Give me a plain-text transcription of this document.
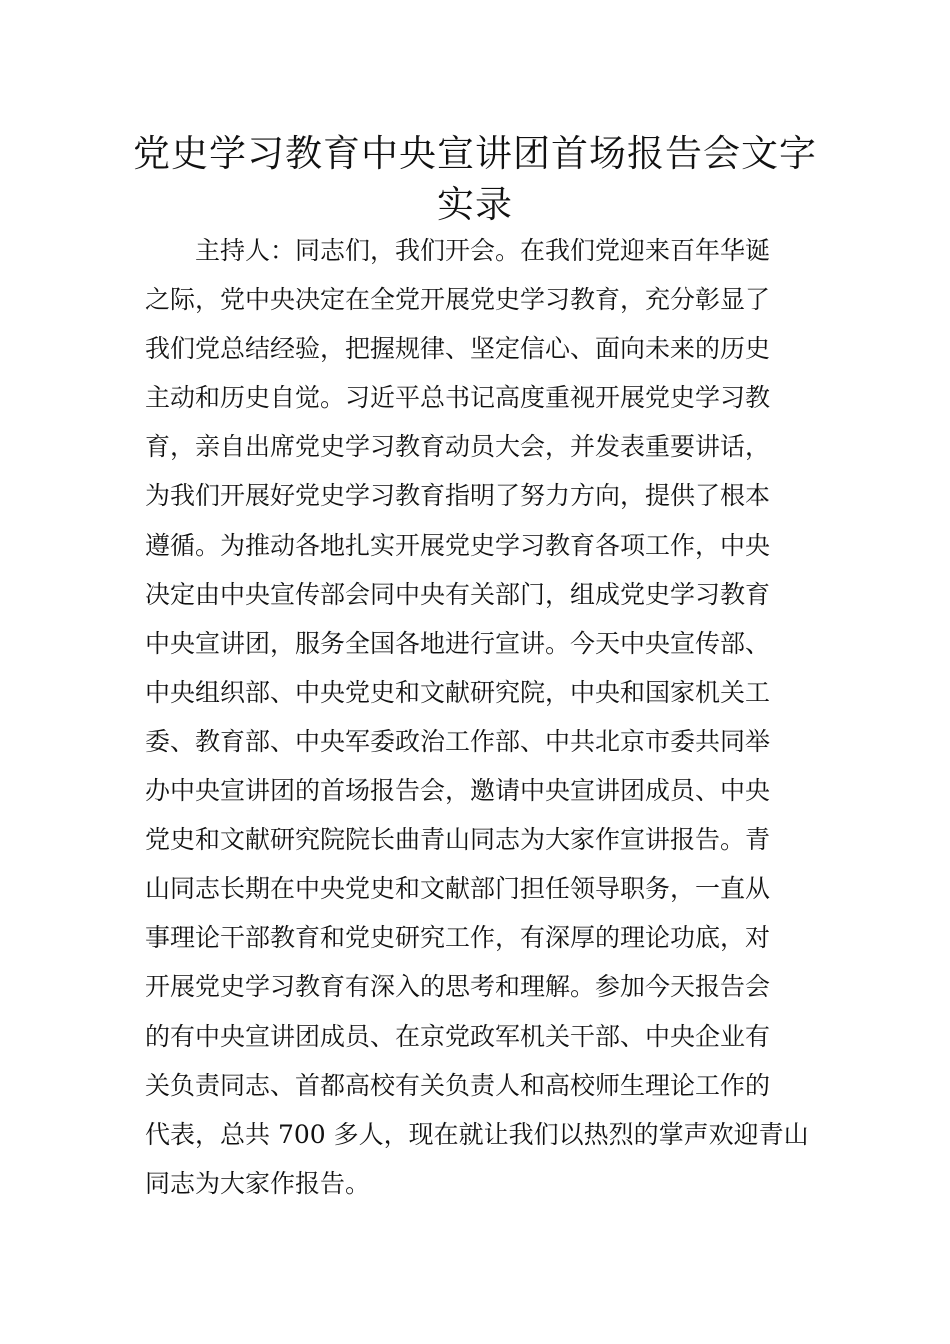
党史学习教育中央宣讲团首场报告会文字
实录

主持人：同志们，我们开会。在我们党迎来百年华诞
之际，党中央决定在全党开展党史学习教育，充分彰显了
我们党总结经验，把握规律、坚定信心、面向未来的历史
主动和历史自觉。习近平总书记高度重视开展党史学习教
育，亲自出席党史学习教育动员大会，并发表重要讲话，
为我们开展好党史学习教育指明了努力方向，提供了根本
遵循。为推动各地扎实开展党史学习教育各项工作，中央
决定由中央宣传部会同中央有关部门，组成党史学习教育
中央宣讲团，服务全国各地进行宣讲。今天中央宣传部、
中央组织部、中央党史和文献研究院，中央和国家机关工
委、教育部、中央军委政治工作部、中共北京市委共同举
办中央宣讲团的首场报告会，邀请中央宣讲团成员、中央
党史和文献研究院院长曲青山同志为大家作宣讲报告。青
山同志长期在中央党史和文献部门担任领导职务，一直从
事理论干部教育和党史研究工作，有深厚的理论功底，对
开展党史学习教育有深入的思考和理解。参加今天报告会
的有中央宣讲团成员、在京党政军机关干部、中央企业有
关负责同志、首都高校有关负责人和高校师生理论工作的
代表，总共 700 多人，现在就让我们以热烈的掌声欢迎青山
同志为大家作报告。
